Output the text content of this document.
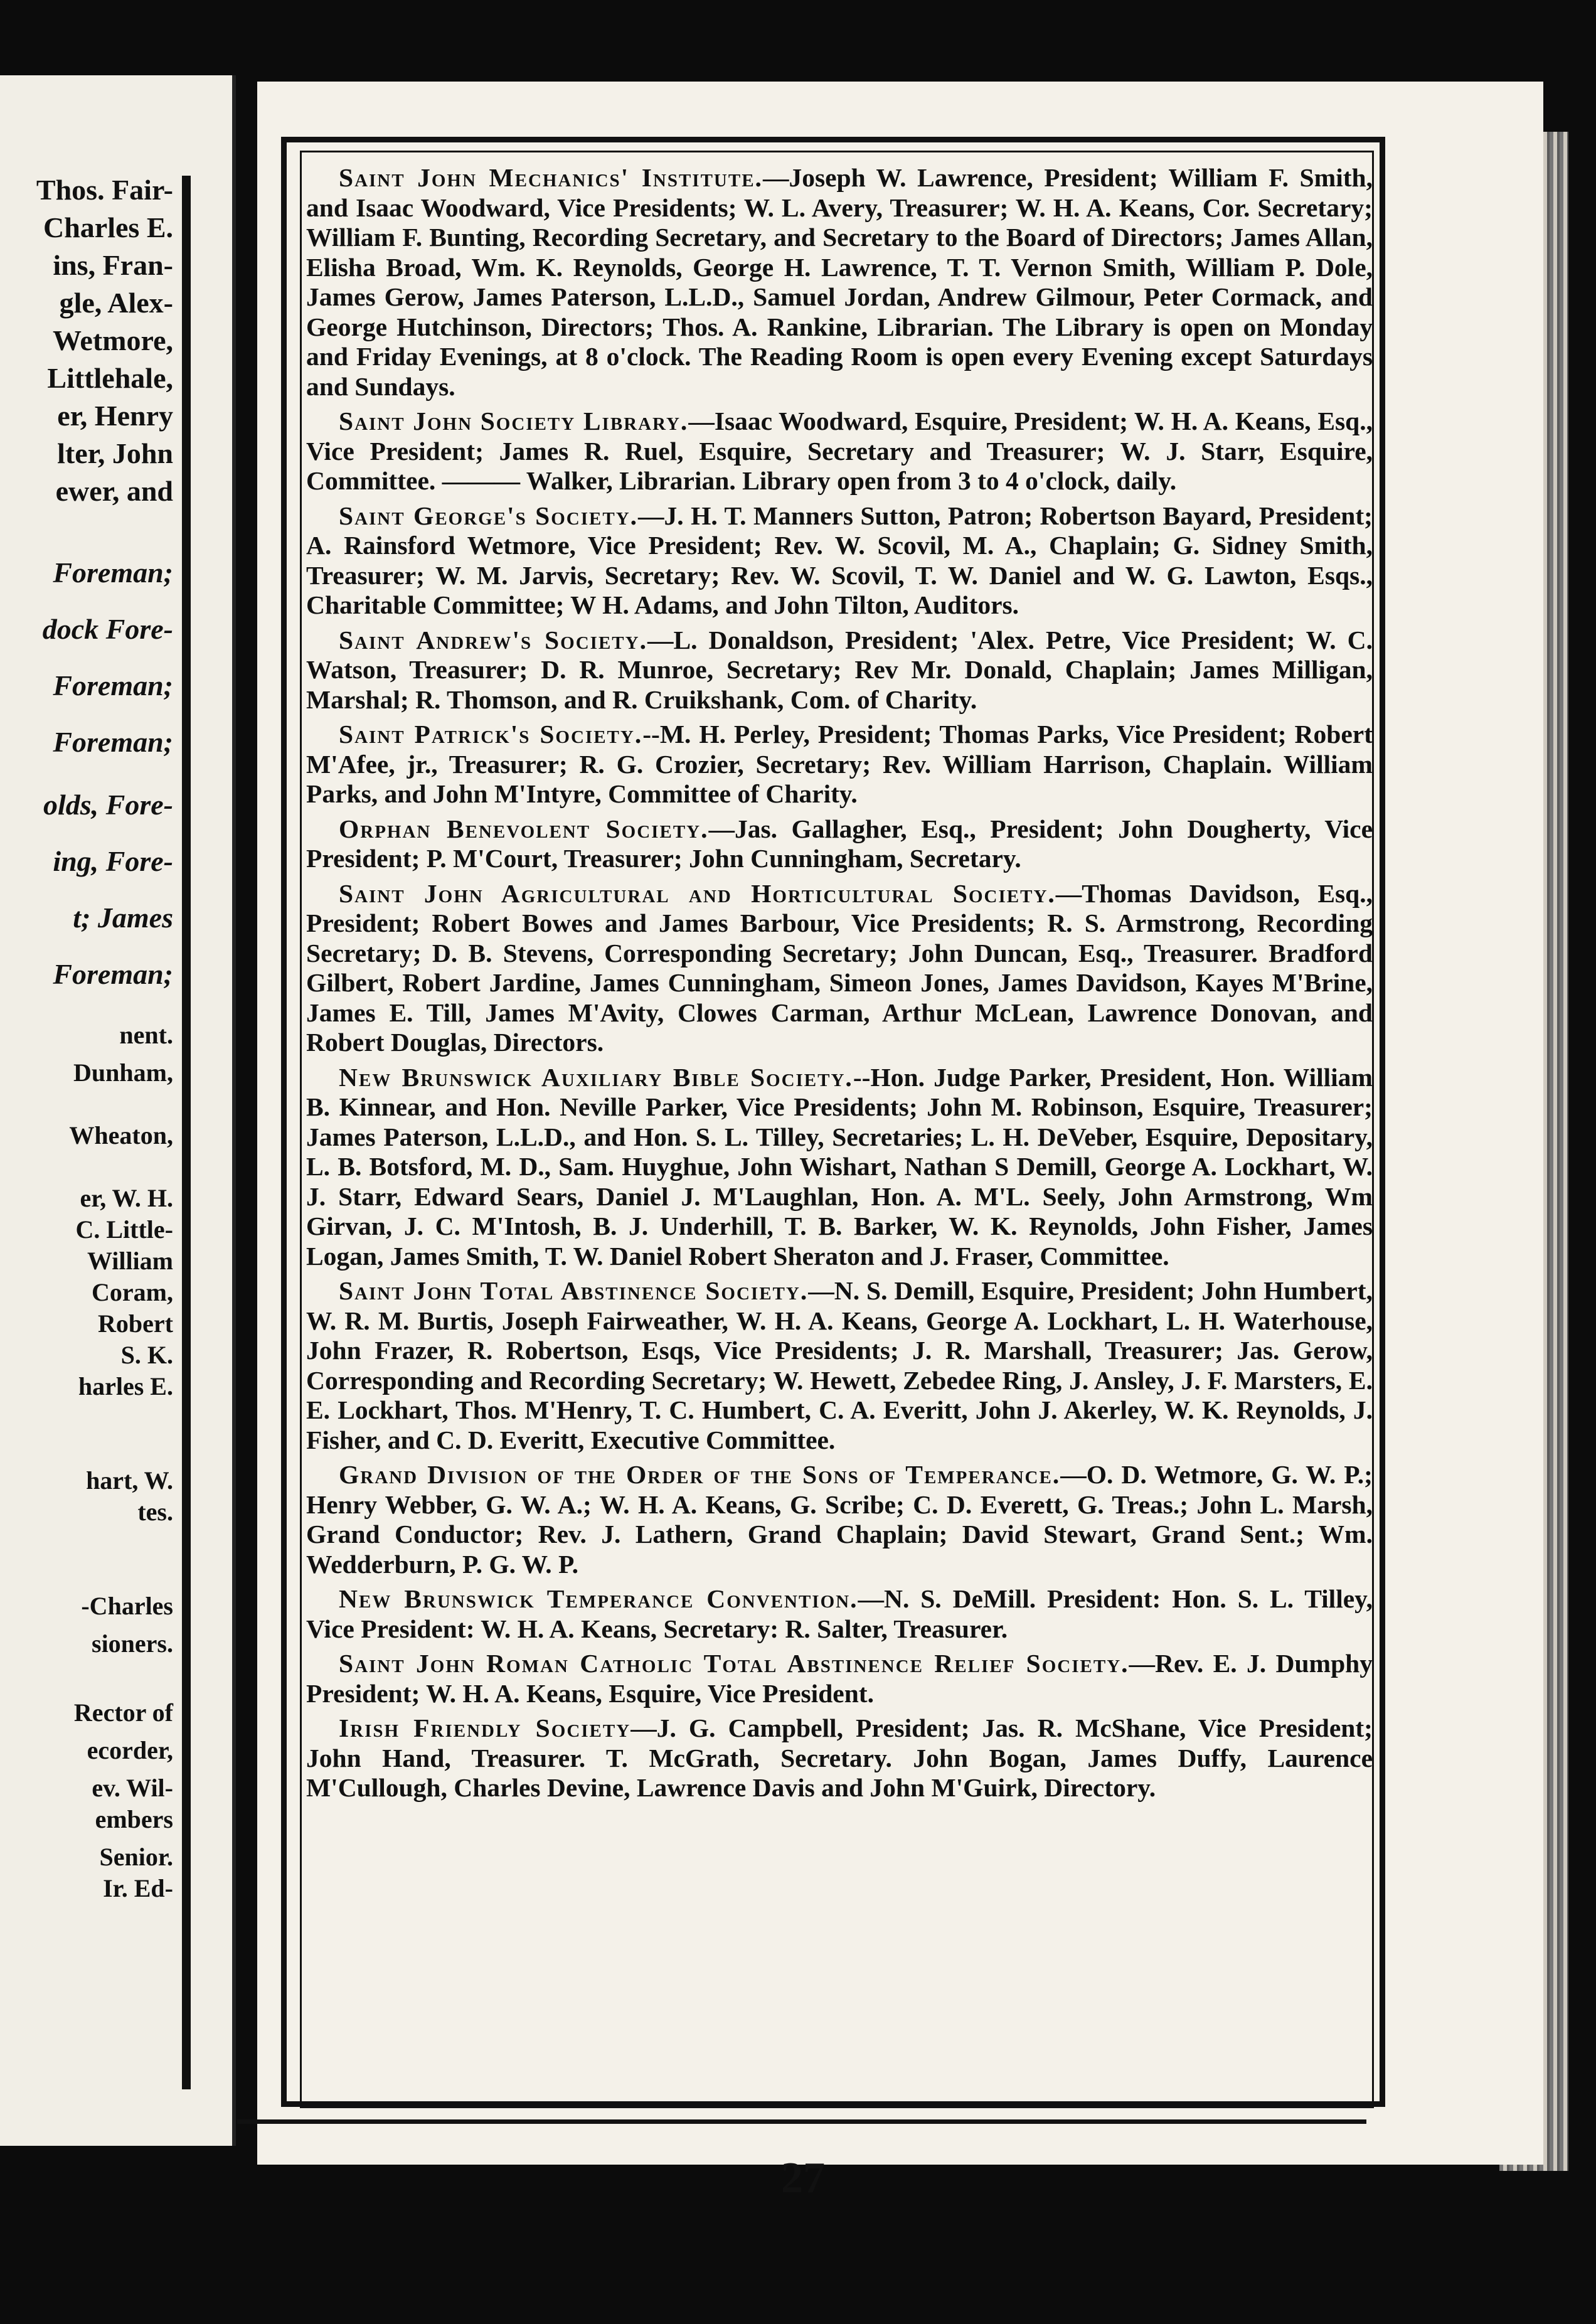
Thos. Fair-
Charles E.
ins, Fran-
gle, Alex-
Wetmore,
Littlehale,
er, Henry
lter, John
ewer, and
Foreman;
dock Fore-
Foreman;
Foreman;
olds, Fore-
ing, Fore-
t; James
Foreman;
nent.
Dunham,
Wheaton,
er, W. H.
C. Little-
William
Coram,
Robert
S. K.
harles E.
hart, W.
tes.
-Charles
sioners.
Rector of
ecorder,
ev. Wil-
embers
Senior.
Ir. Ed-

Saint John Mechanics' Institute.—Joseph W. Lawrence, President; William F. Smith, and Isaac Woodward, Vice Presidents; W. L. Avery, Treasurer; W. H. A. Keans, Cor. Secretary; William F. Bunting, Recording Secretary, and Secretary to the Board of Directors; James Allan, Elisha Broad, Wm. K. Reynolds, George H. Lawrence, T. T. Vernon Smith, William P. Dole, James Gerow, James Paterson, L.L.D., Samuel Jordan, Andrew Gilmour, Peter Cormack, and George Hutchinson, Directors; Thos. A. Rankine, Librarian. The Library is open on Monday and Friday Evenings, at 8 o'clock. The Reading Room is open every Evening except Saturdays and Sundays.

Saint John Society Library.—Isaac Woodward, Esquire, President; W. H. A. Keans, Esq., Vice President; James R. Ruel, Esquire, Secretary and Treasurer; W. J. Starr, Esquire, Committee. ——— Walker, Librarian. Library open from 3 to 4 o'clock, daily.

Saint George's Society.—J. H. T. Manners Sutton, Patron; Robertson Bayard, President; A. Rainsford Wetmore, Vice President; Rev. W. Scovil, M. A., Chaplain; G. Sidney Smith, Treasurer; W. M. Jarvis, Secretary; Rev. W. Scovil, T. W. Daniel and W. G. Lawton, Esqs., Charitable Committee; W H. Adams, and John Tilton, Auditors.

Saint Andrew's Society.—L. Donaldson, President; 'Alex. Petre, Vice President; W. C. Watson, Treasurer; D. R. Munroe, Secretary; Rev Mr. Donald, Chaplain; James Milligan, Marshal; R. Thomson, and R. Cruikshank, Com. of Charity.

Saint Patrick's Society.--M. H. Perley, President; Thomas Parks, Vice President; Robert M'Afee, jr., Treasurer; R. G. Crozier, Secretary; Rev. William Harrison, Chaplain. William Parks, and John M'Intyre, Committee of Charity.

Orphan Benevolent Society.—Jas. Gallagher, Esq., President; John Dougherty, Vice President; P. M'Court, Treasurer; John Cunningham, Secretary.

Saint John Agricultural and Horticultural Society.—Thomas Davidson, Esq., President; Robert Bowes and James Barbour, Vice Presidents; R. S. Armstrong, Recording Secretary; D. B. Stevens, Corresponding Secretary; John Duncan, Esq., Treasurer. Bradford Gilbert, Robert Jardine, James Cunningham, Simeon Jones, James Davidson, Kayes M'Brine, James E. Till, James M'Avity, Clowes Carman, Arthur McLean, Lawrence Donovan, and Robert Douglas, Directors.

New Brunswick Auxiliary Bible Society.--Hon. Judge Parker, President, Hon. William B. Kinnear, and Hon. Neville Parker, Vice Presidents; John M. Robinson, Esquire, Treasurer; James Paterson, L.L.D., and Hon. S. L. Tilley, Secretaries; L. H. DeVeber, Esquire, Depositary, L. B. Botsford, M. D., Sam. Huyghue, John Wishart, Nathan S Demill, George A. Lockhart, W. J. Starr, Edward Sears, Daniel J. M'Laughlan, Hon. A. M'L. Seely, John Armstrong, Wm Girvan, J. C. M'Intosh, B. J. Underhill, T. B. Barker, W. K. Reynolds, John Fisher, James Logan, James Smith, T. W. Daniel Robert Sheraton and J. Fraser, Committee.

Saint John Total Abstinence Society.—N. S. Demill, Esquire, President; John Humbert, W. R. M. Burtis, Joseph Fairweather, W. H. A. Keans, George A. Lockhart, L. H. Waterhouse, John Frazer, R. Robertson, Esqs, Vice Presidents; J. R. Marshall, Treasurer; Jas. Gerow, Corresponding and Recording Secretary; W. Hewett, Zebedee Ring, J. Ansley, J. F. Marsters, E. E. Lockhart, Thos. M'Henry, T. C. Humbert, C. A. Everitt, John J. Akerley, W. K. Reynolds, J. Fisher, and C. D. Everitt, Executive Committee.

Grand Division of the Order of the Sons of Temperance.—O. D. Wetmore, G. W. P.; Henry Webber, G. W. A.; W. H. A. Keans, G. Scribe; C. D. Everett, G. Treas.; John L. Marsh, Grand Conductor; Rev. J. Lathern, Grand Chaplain; David Stewart, Grand Sent.; Wm. Wedderburn, P. G. W. P.

New Brunswick Temperance Convention.—N. S. DeMill. President: Hon. S. L. Tilley, Vice President: W. H. A. Keans, Secretary: R. Salter, Treasurer.

Saint John Roman Catholic Total Abstinence Relief Society.—Rev. E. J. Dumphy President; W. H. A. Keans, Esquire, Vice President.

Irish Friendly Society—J. G. Campbell, President; Jas. R. McShane, Vice President; John Hand, Treasurer. T. McGrath, Secretary. John Bogan, James Duffy, Laurence M'Cullough, Charles Devine, Lawrence Davis and John M'Guirk, Directory.

27
